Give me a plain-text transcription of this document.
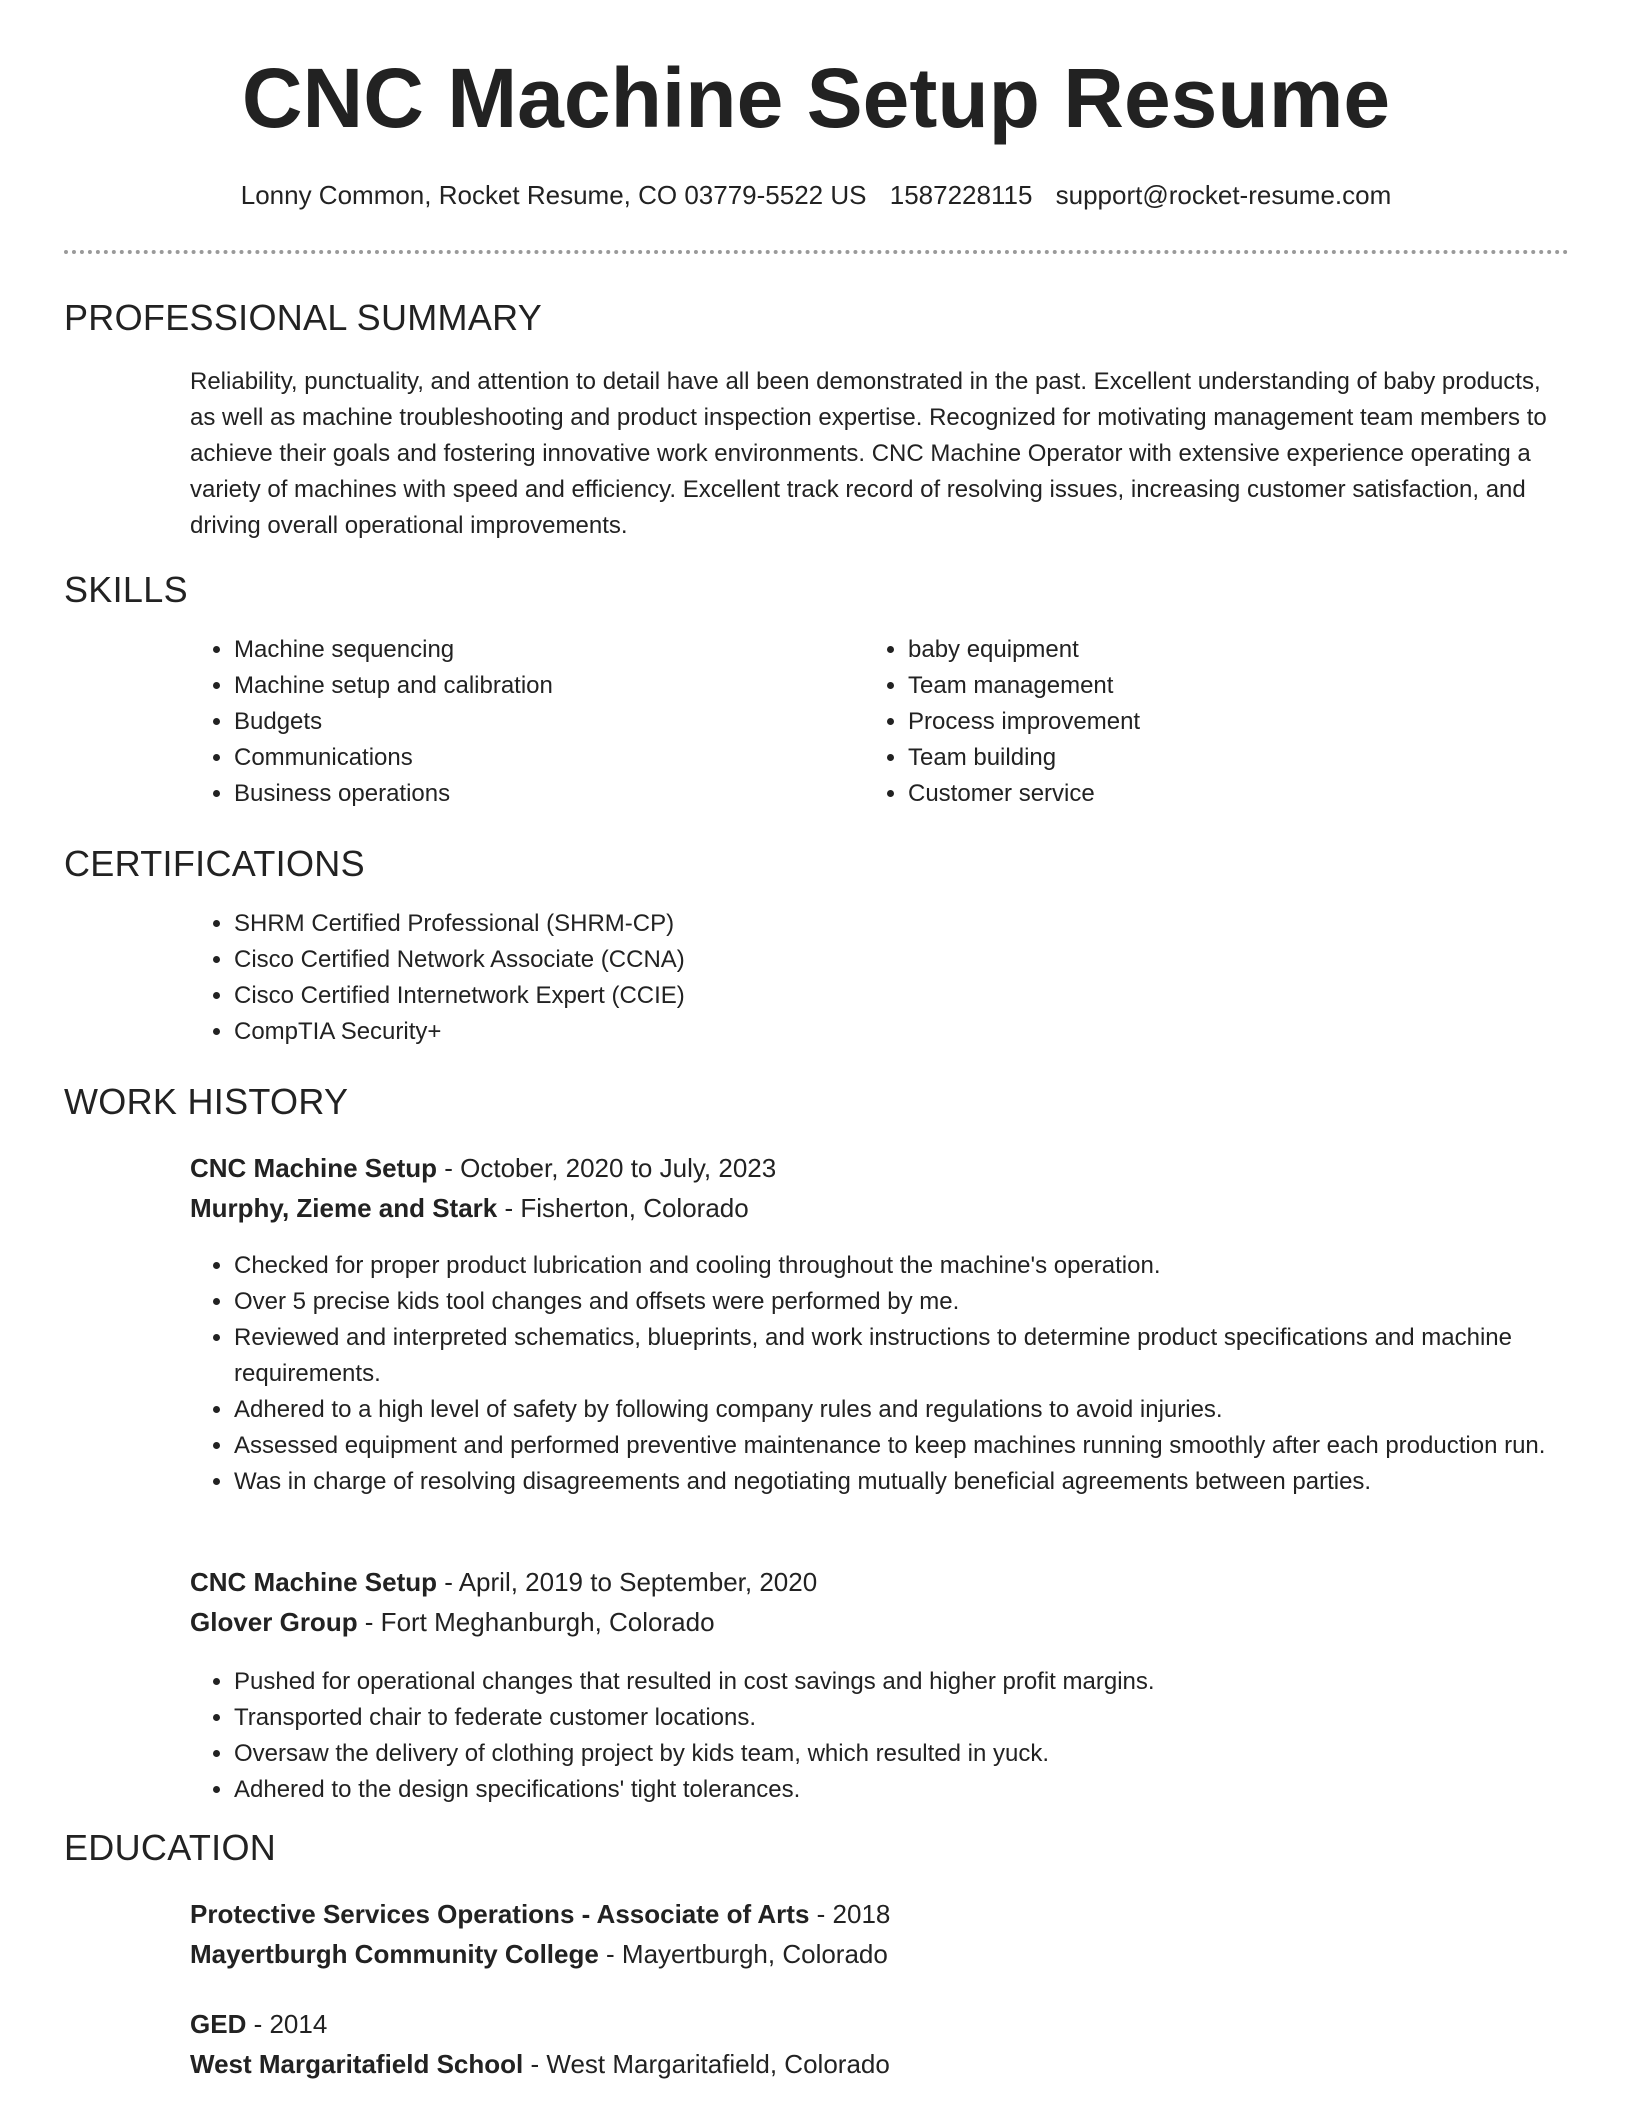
CNC Machine Setup Resume
Lonny Common, Rocket Resume, CO 03779-5522 US 1587228115 support@rocket-resume.com
PROFESSIONAL SUMMARY

Reliability, punctuality, and attention to detail have all been demonstrated in the past. Excellent understanding of baby products, as well as machine troubleshooting and product inspection expertise. Recognized for motivating management team members to achieve their goals and fostering innovative work environments. CNC Machine Operator with extensive experience operating a variety of machines with speed and efficiency. Excellent track record of resolving issues, increasing customer satisfaction, and driving overall operational improvements.

SKILLS
• Machine sequencing
• Machine setup and calibration
• Budgets
• Communications
• Business operations
• baby equipment
• Team management
• Process improvement
• Team building
• Customer service
CERTIFICATIONS
• SHRM Certified Professional (SHRM-CP)
• Cisco Certified Network Associate (CCNA)
• Cisco Certified Internetwork Expert (CCIE)
• CompTIA Security+
WORK HISTORY
CNC Machine Setup - October, 2020 to July, 2023
Murphy, Zieme and Stark - Fisherton, Colorado
• Checked for proper product lubrication and cooling throughout the machine's operation.
• Over 5 precise kids tool changes and offsets were performed by me.
• Reviewed and interpreted schematics, blueprints, and work instructions to determine product specifications and machine requirements.
• Adhered to a high level of safety by following company rules and regulations to avoid injuries.
• Assessed equipment and performed preventive maintenance to keep machines running smoothly after each production run.
• Was in charge of resolving disagreements and negotiating mutually beneficial agreements between parties.
CNC Machine Setup - April, 2019 to September, 2020
Glover Group - Fort Meghanburgh, Colorado
• Pushed for operational changes that resulted in cost savings and higher profit margins.
• Transported chair to federate customer locations.
• Oversaw the delivery of clothing project by kids team, which resulted in yuck.
• Adhered to the design specifications' tight tolerances.
EDUCATION
Protective Services Operations - Associate of Arts - 2018
Mayertburgh Community College - Mayertburgh, Colorado
GED - 2014
West Margaritafield School - West Margaritafield, Colorado
